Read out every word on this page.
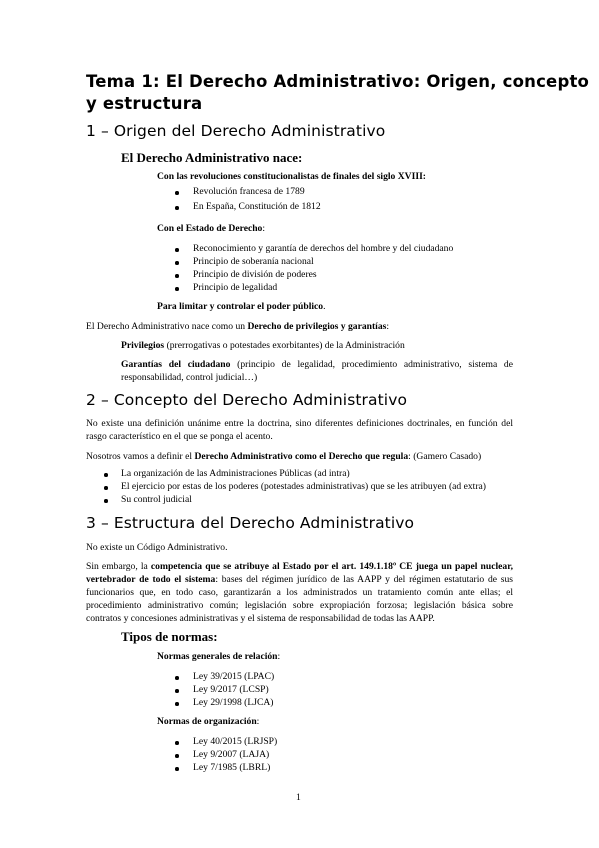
Tema 1: El Derecho Administrativo: Origen, concepto
y estructura
1 – Origen del Derecho Administrativo
El Derecho Administrativo nace:
Con las revoluciones constitucionalistas de finales del siglo XVIII:
Revolución francesa de 1789
En España, Constitución de 1812
Con el Estado de Derecho:
Reconocimiento y garantía de derechos del hombre y del ciudadano
Principio de soberanía nacional
Principio de división de poderes
Principio de legalidad
Para limitar y controlar el poder público.
El Derecho Administrativo nace como un Derecho de privilegios y garantías:
Privilegios (prerrogativas o potestades exorbitantes) de la Administración
Garantías del ciudadano (principio de legalidad, procedimiento administrativo, sistema de
responsabilidad, control judicial…)
2 – Concepto del Derecho Administrativo
No existe una definición unánime entre la doctrina, sino diferentes definiciones doctrinales, en función del
rasgo característico en el que se ponga el acento.
Nosotros vamos a definir el Derecho Administrativo como el Derecho que regula: (Gamero Casado)
La organización de las Administraciones Públicas (ad intra)
El ejercicio por estas de los poderes (potestades administrativas) que se les atribuyen (ad extra)
Su control judicial
3 – Estructura del Derecho Administrativo
No existe un Código Administrativo.
Sin embargo, la competencia que se atribuye al Estado por el art. 149.1.18º CE juega un papel nuclear,
vertebrador de todo el sistema: bases del régimen jurídico de las AAPP y del régimen estatutario de sus
funcionarios que, en todo caso, garantizarán a los administrados un tratamiento común ante ellas; el
procedimiento administrativo común; legislación sobre expropiación forzosa; legislación básica sobre
contratos y concesiones administrativas y el sistema de responsabilidad de todas las AAPP.
Tipos de normas:
Normas generales de relación:
Ley 39/2015 (LPAC)
Ley 9/2017 (LCSP)
Ley 29/1998 (LJCA)
Normas de organización:
Ley 40/2015 (LRJSP)
Ley 9/2007 (LAJA)
Ley 7/1985 (LBRL)
1
